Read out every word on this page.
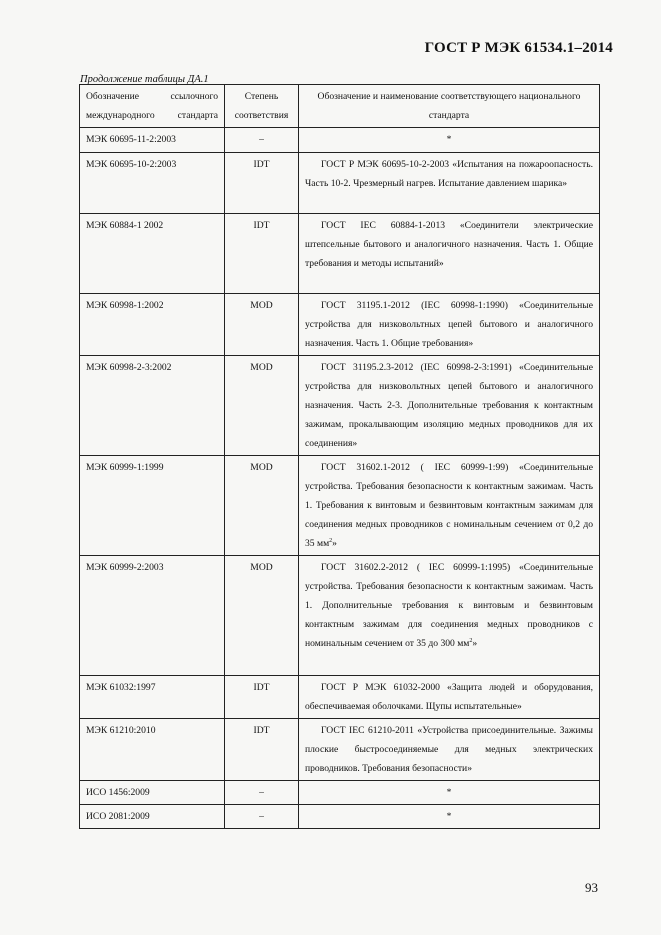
ГОСТ Р МЭК 61534.1–2014
Продолжение таблицы ДА.1
Обозначение ссылочного международного стандарта	Степень соответствия	Обозначение и наименование соответствующего национального стандарта
МЭК 60695-11-2:2003	–	*
МЭК 60695-10-2:2003	IDT	ГОСТ Р МЭК 60695-10-2-2003 «Испытания на пожароопасность. Часть 10-2. Чрезмерный нагрев. Испытание давлением шарика»
МЭК 60884-1 2002	IDT	ГОСТ IEC 60884-1-2013 «Соединители электрические штепсельные бытового и аналогичного назначения. Часть 1. Общие требования и методы испытаний»
МЭК 60998-1:2002	MOD	ГОСТ 31195.1-2012 (IEC 60998-1:1990) «Соединительные устройства для низковольтных цепей бытового и аналогичного назначения. Часть 1. Общие требования»
МЭК 60998-2-3:2002	MOD	ГОСТ 31195.2.3-2012 (IEC 60998-2-3:1991) «Соединительные устройства для низковольтных цепей бытового и аналогичного назначения. Часть 2-3. Дополнительные требования к контактным зажимам, прокалывающим изоляцию медных проводников для их соединения»
МЭК 60999-1:1999	MOD	ГОСТ 31602.1-2012 ( IEC 60999-1:99) «Соединительные устройства. Требования безопасности к контактным зажимам. Часть 1. Требования к винтовым и безвинтовым контактным зажимам для соединения медных проводников с номинальным сечением от 0,2 до 35 $мм^2$»
МЭК 60999-2:2003	MOD	ГОСТ 31602.2-2012 ( IEC 60999-1:1995) «Соединительные устройства. Требования безопасности к контактным зажимам. Часть 1. Дополнительные требования к винтовым и безвинтовым контактным зажимам для соединения медных проводников с номинальным сечением от 35 до 300 $мм^2$»
МЭК 61032:1997	IDT	ГОСТ Р МЭК 61032-2000 «Защита людей и оборудования, обеспечиваемая оболочками. Щупы испытательные»
МЭК 61210:2010	IDT	ГОСТ IEC 61210-2011 «Устройства присоединительные. Зажимы плоские быстросоединяемые для медных электрических проводников. Требования безопасности»
ИСО 1456:2009	–	*
ИСО 2081:2009	–	*
93
